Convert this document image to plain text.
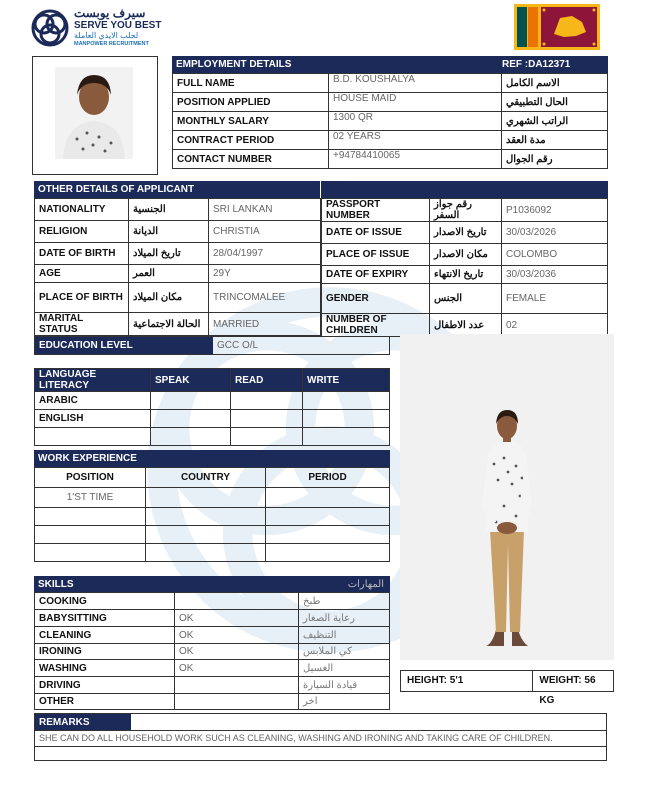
سيرف يوبست
SERVE YOU BEST
لجلب الايدي العاملة
MANPOWER RECRUITMENT
EMPLOYMENT DETAILS	REF :DA12371
FULL NAME	B.D. KOUSHALYA	الاسم الكامل
POSITION APPLIED	HOUSE MAID	الحال التطبيقي
MONTHLY SALARY	1300 QR	الراتب الشهري
CONTRACT PERIOD	02 YEARS	مدة العقد
CONTACT NUMBER	+94784410065	رقم الجوال
OTHER DETAILS OF APPLICANT
NATIONALITY	الجنسية	SRI LANKAN
RELIGION	الديانة	CHRISTIA
DATE OF BIRTH	تاريخ الميلاد	28/04/1997
AGE	العمر	29Y
PLACE OF BIRTH	مكان الميلاد	TRINCOMALEE
MARITAL STATUS	الحالة الاجتماعية	MARRIED
PASSPORT NUMBER	رقم جواز السفر	P1036092
DATE OF ISSUE	تاريخ الاصدار	30/03/2026
PLACE OF ISSUE	مكان الاصدار	COLOMBO
DATE OF EXPIRY	تاريخ الانتهاء	30/03/2036
GENDER	الجنس	FEMALE
NUMBER OF CHILDREN	عدد الاطفال	02
EDUCATION LEVEL	GCC O/L
LANGUAGE LITERACY	SPEAK	READ	WRITE
ARABIC			
ENGLISH			

WORK EXPERIENCE
POSITION	COUNTRY	PERIOD
1'ST TIME		

SKILLS	المهارات
COOKING		طبخ
BABYSITTING	OK	رعاية الصغار
CLEANING	OK	التنظيف
IRONING	OK	كي الملابس
WASHING	OK	الغسيل
DRIVING		قيادة السيارة
OTHER		اخر
HEIGHT: 5'1	WEIGHT: 56 KG
REMARKS
SHE CAN DO ALL HOUSEHOLD WORK SUCH AS CLEANING, WASHING AND IRONING AND TAKING CARE OF CHILDREN.
